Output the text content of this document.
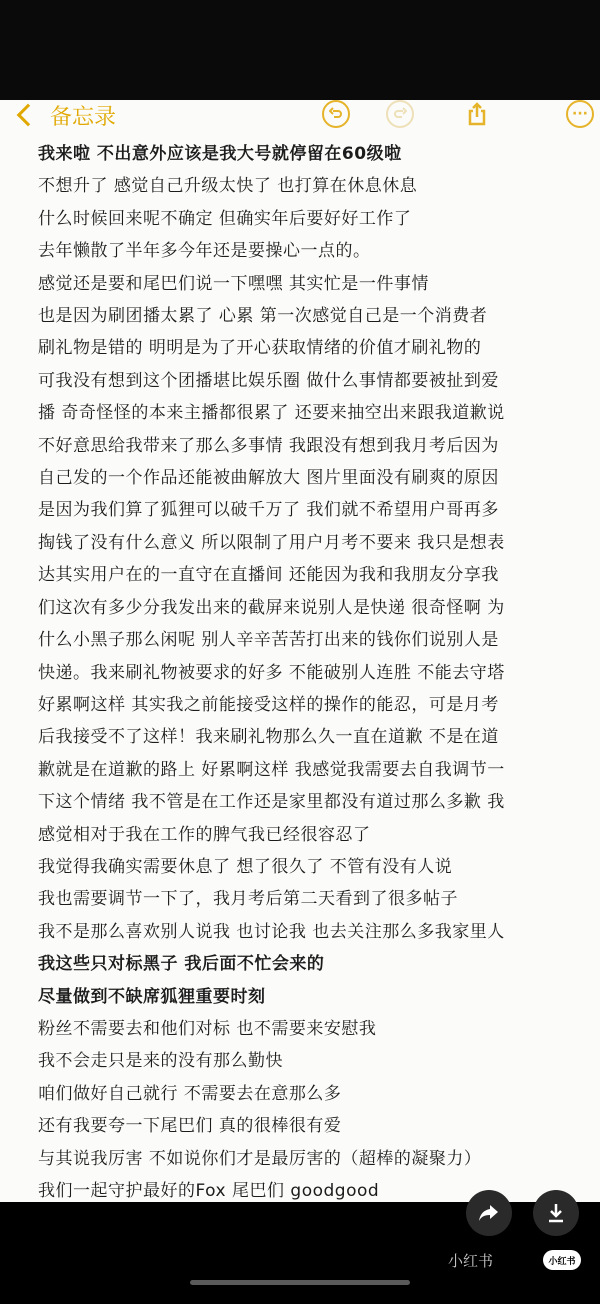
备忘录	···
我来啦 不出意外应该是我大号就停留在60级啦
不想升了 感觉自己升级太快了 也打算在休息休息
什么时候回来呢不确定 但确实年后要好好工作了
去年懒散了半年多今年还是要操心一点的。
感觉还是要和尾巴们说一下嘿嘿 其实忙是一件事情
也是因为刷团播太累了 心累 第一次感觉自己是一个消费者
刷礼物是错的 明明是为了开心获取情绪的价值才刷礼物的
可我没有想到这个团播堪比娱乐圈 做什么事情都要被扯到爱
播 奇奇怪怪的本来主播都很累了 还要来抽空出来跟我道歉说
不好意思给我带来了那么多事情 我跟没有想到我月考后因为
自己发的一个作品还能被曲解放大 图片里面没有刷爽的原因
是因为我们算了狐狸可以破千万了 我们就不希望用户哥再多
掏钱了没有什么意义 所以限制了用户月考不要来 我只是想表
达其实用户在的一直守在直播间 还能因为我和我朋友分享我
们这次有多少分我发出来的截屏来说别人是快递 很奇怪啊 为
什么小黑子那么闲呢 别人辛辛苦苦打出来的钱你们说别人是
快递。我来刷礼物被要求的好多 不能破别人连胜 不能去守塔
好累啊这样 其实我之前能接受这样的操作的能忍，可是月考
后我接受不了这样！我来刷礼物那么久一直在道歉 不是在道
歉就是在道歉的路上 好累啊这样 我感觉我需要去自我调节一
下这个情绪 我不管是在工作还是家里都没有道过那么多歉 我
感觉相对于我在工作的脾气我已经很容忍了
我觉得我确实需要休息了 想了很久了 不管有没有人说
我也需要调节一下了，我月考后第二天看到了很多帖子
我不是那么喜欢别人说我 也讨论我 也去关注那么多我家里人
我这些只对标黑子 我后面不忙会来的
尽量做到不缺席狐狸重要时刻
粉丝不需要去和他们对标 也不需要来安慰我
我不会走只是来的没有那么勤快
咱们做好自己就行 不需要去在意那么多
还有我要夸一下尾巴们 真的很棒很有爱
与其说我厉害 不如说你们才是最厉害的（超棒的凝聚力）
我们一起守护最好的Fox 尾巴们 goodgood
小红书	小红书
